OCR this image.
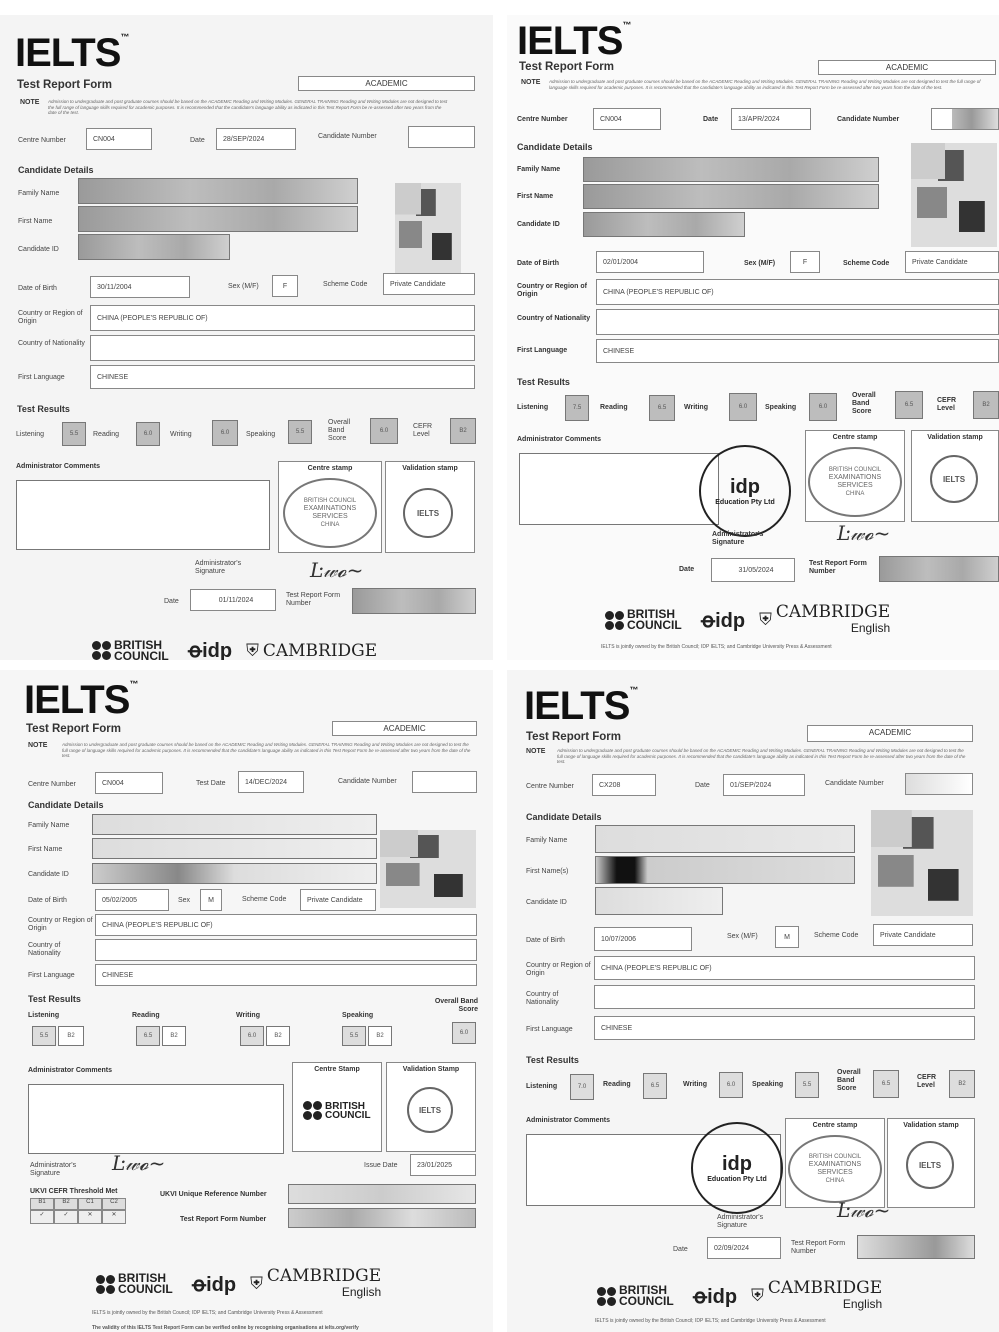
IELTS™
Test Report Form	ACADEMIC
NOTE Admission to undergraduate and post graduate courses should be based on the ACADEMIC Reading and Writing Modules. GENERAL TRAINING Reading and Writing Modules are not designed to test the full range of language skills required for academic purposes. It is recommended that the candidate's language ability as indicated in this Test Report Form be re-assessed after two years from the date of the test.
Centre Number	CN004	Date	28/SEP/2024	Candidate Number
Candidate Details
Family Name
First Name
Candidate ID
Date of Birth	30/11/2004	Sex (M/F)	F	Scheme Code	Private Candidate
Country or Region of Origin	CHINA (PEOPLE'S REPUBLIC OF)
Country of Nationality
First Language	CHINESE
Test Results
Listening	5.5	Reading	6.0	Writing	6.0	Speaking	5.5
Overall Band Score
6.0
CEFR Level	B2
Administrator Comments	Centre stamp
BRITISH COUNCIL
EXAMINATIONS SERVICES
CHINA
Validation stamp
IELTS
Administrator's Signature	Ŀ𝓌𝓸~
Date	01/11/2024
Test Report Form Number
BRITISH COUNCIL ꝋidp ⛨ CAMBRIDGE
IELTS™
Test Report Form	ACADEMIC
NOTE Admission to undergraduate and post graduate courses should be based on the ACADEMIC Reading and Writing Modules. GENERAL TRAINING Reading and Writing Modules are not designed to test the full range of language skills required for academic purposes. It is recommended that the candidate's language ability as indicated in this Test Report Form be re-assessed after two years from the date of the test.
Centre Number	CN004	Date	13/APR/2024	Candidate Number
Candidate Details
Family Name
First Name
Candidate ID
Date of Birth	02/01/2004	Sex (M/F)	F	Scheme Code	Private Candidate
Country or Region of Origin	CHINA (PEOPLE'S REPUBLIC OF)
Country of Nationality
First Language	CHINESE
Test Results
Listening	7.5	Reading	6.5	Writing	6.0	Speaking	6.0
Overall Band Score
6.5
CEFR Level	B2
Administrator Comments
idp
Education Pty Ltd
Centre stamp
BRITISH COUNCIL
EXAMINATIONS SERVICES
CHINA
Validation stamp
IELTS
Administrator's Signature	Ŀ𝓌𝓸~
Date	31/05/2024
Test Report Form Number
BRITISH COUNCIL ꝋidp ⛨ CAMBRIDGE
English
IELTS is jointly owned by the British Council; IDP IELTS; and Cambridge University Press & Assessment
IELTS™
Test Report Form	ACADEMIC
NOTE	Admission to undergraduate and post graduate courses should be based on the ACADEMIC Reading and Writing Modules. GENERAL TRAINING Reading and Writing Modules are not designed to test the full range of language skills required for academic purposes. It is recommended that the candidate's language ability as indicated in this Test Report Form be re-assessed after two years from the date of the test.
Centre Number	CN004	Test Date	14/DEC/2024	Candidate Number
Candidate Details
Family Name
First Name
Candidate ID
Date of Birth	05/02/2005	Sex	M	Scheme Code	Private Candidate
Country or Region of Origin	CHINA (PEOPLE'S REPUBLIC OF)
Country of Nationality
First Language	CHINESE
Test Results
Listening
5.5	B2
Reading
6.5	B2
Writing
6.0	B2
Speaking
5.5	B2
Overall Band Score
6.0
Administrator Comments	Centre Stamp
BRITISH COUNCIL
Validation Stamp
IELTS
Administrator's Signature	Ŀ𝓌𝓸~	Issue Date	23/01/2025
UKVI CEFR Threshold Met
B1	B2	C1	C2
✓	✓	✕	✕
UKVI Unique Reference Number
Test Report Form Number
BRITISH COUNCIL ꝋidp ⛨ CAMBRIDGE
English
IELTS is jointly owned by the British Council; IDP IELTS; and Cambridge University Press & Assessment
The validity of this IELTS Test Report Form can be verified online by recognising organisations at ielts.org/verify
IELTS™
Test Report Form	ACADEMIC
NOTE	Admission to undergraduate and post graduate courses should be based on the ACADEMIC Reading and Writing Modules. GENERAL TRAINING Reading and Writing Modules are not designed to test the full range of language skills required for academic purposes. It is recommended that the candidate's language ability as indicated in this Test Report Form be re-assessed after two years from the date of the test.
Centre Number	CX208	Date	01/SEP/2024	Candidate Number
Candidate Details
Family Name
First Name(s)
Candidate ID
Date of Birth	10/07/2006	Sex (M/F)	M	Scheme Code	Private Candidate
Country or Region of Origin
CHINA (PEOPLE'S REPUBLIC OF)
Country of Nationality
First Language	CHINESE
Test Results
Listening	7.0	Reading	6.5	Writing	6.0	Speaking	5.5
Overall Band Score
6.5
CEFR Level	B2
Administrator Comments
idp
Education Pty Ltd
Centre stamp
BRITISH COUNCIL
EXAMINATIONS SERVICES
CHINA
Validation stamp
IELTS
Administrator's Signature
Ŀ𝓌𝓸~
Date	02/09/2024
Test Report Form Number
BRITISH COUNCIL ꝋidp ⛨ CAMBRIDGE
English
IELTS is jointly owned by the British Council; IDP IELTS; and Cambridge University Press & Assessment
